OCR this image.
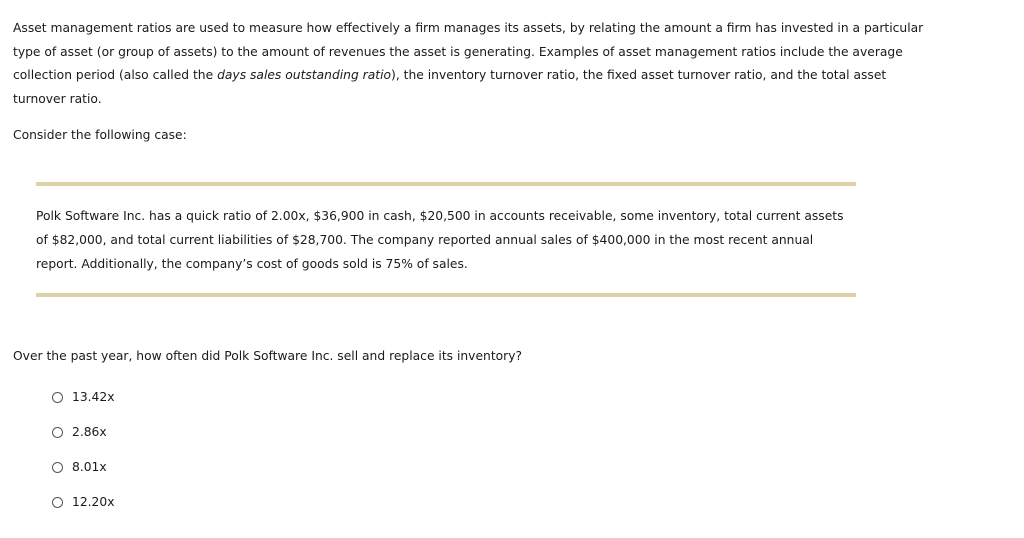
Asset management ratios are used to measure how effectively a firm manages its assets, by relating the amount a firm has invested in a particular type of asset (or group of assets) to the amount of revenues the asset is generating. Examples of asset management ratios include the average collection period (also called the days sales outstanding ratio), the inventory turnover ratio, the fixed asset turnover ratio, and the total asset turnover ratio.

Consider the following case:

Polk Software Inc. has a quick ratio of 2.00x, $36,900 in cash, $20,500 in accounts receivable, some inventory, total current assets of $82,000, and total current liabilities of $28,700. The company reported annual sales of $400,000 in the most recent annual report. Additionally, the company’s cost of goods sold is 75% of sales.

Over the past year, how often did Polk Software Inc. sell and replace its inventory?

13.42x
2.86x
8.01x
12.20x
